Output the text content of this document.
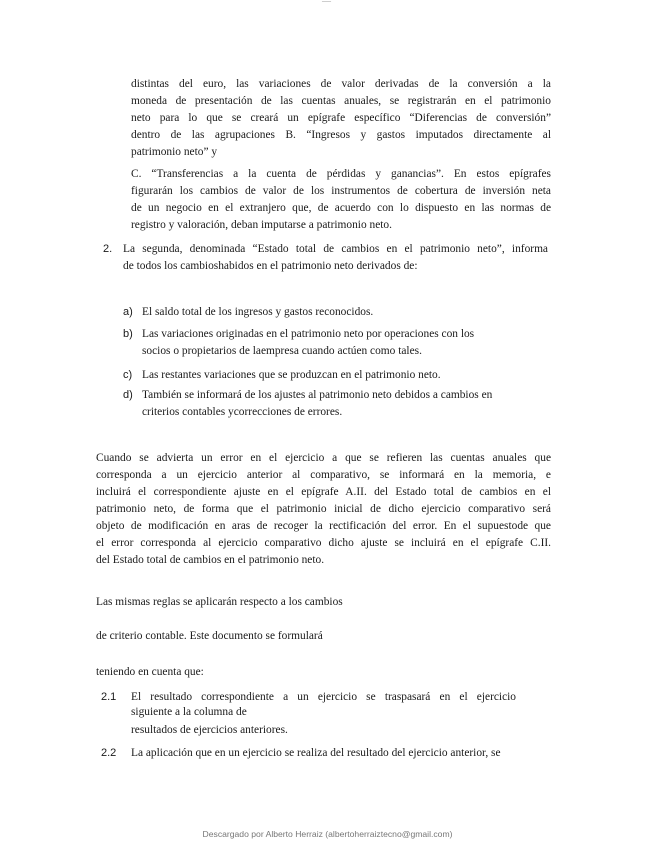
—
distintas del euro, las variaciones de valor derivadas de la conversión a la
moneda de presentación de las cuentas anuales, se registrarán en el patrimonio
neto para lo que se creará un epígrafe específico “Diferencias de conversión”
dentro de las agrupaciones B. “Ingresos y gastos imputados directamente al
patrimonio neto” y
C. “Transferencias a la cuenta de pérdidas y ganancias”. En estos epígrafes
figurarán los cambios de valor de los instrumentos de cobertura de inversión neta
de un negocio en el extranjero que, de acuerdo con lo dispuesto en las normas de
registro y valoración, deban imputarse a patrimonio neto.
2. La segunda, denominada “Estado total de cambios en el patrimonio neto”, informa
de todos los cambioshabidos en el patrimonio neto derivados de:
a) El saldo total de los ingresos y gastos reconocidos.
b) Las variaciones originadas en el patrimonio neto por operaciones con los
socios o propietarios de laempresa cuando actúen como tales.
c) Las restantes variaciones que se produzcan en el patrimonio neto.
d) También se informará de los ajustes al patrimonio neto debidos a cambios en
criterios contables ycorrecciones de errores.
Cuando se advierta un error en el ejercicio a que se refieren las cuentas anuales que
corresponda a un ejercicio anterior al comparativo, se informará en la memoria, e
incluirá el correspondiente ajuste en el epígrafe A.II. del Estado total de cambios en el
patrimonio neto, de forma que el patrimonio inicial de dicho ejercicio comparativo será
objeto de modificación en aras de recoger la rectificación del error. En el supuestode que
el error corresponda al ejercicio comparativo dicho ajuste se incluirá en el epígrafe C.II.
del Estado total de cambios en el patrimonio neto.
Las mismas reglas se aplicarán respecto a los cambios
de criterio contable. Este documento se formulará
teniendo en cuenta que:
2.1 El resultado correspondiente a un ejercicio se traspasará en el ejercicio
siguiente a la columna de
resultados de ejercicios anteriores.
2.2 La aplicación que en un ejercicio se realiza del resultado del ejercicio anterior, se
Descargado por Alberto Herraiz (albertoherraiztecno@gmail.com)
